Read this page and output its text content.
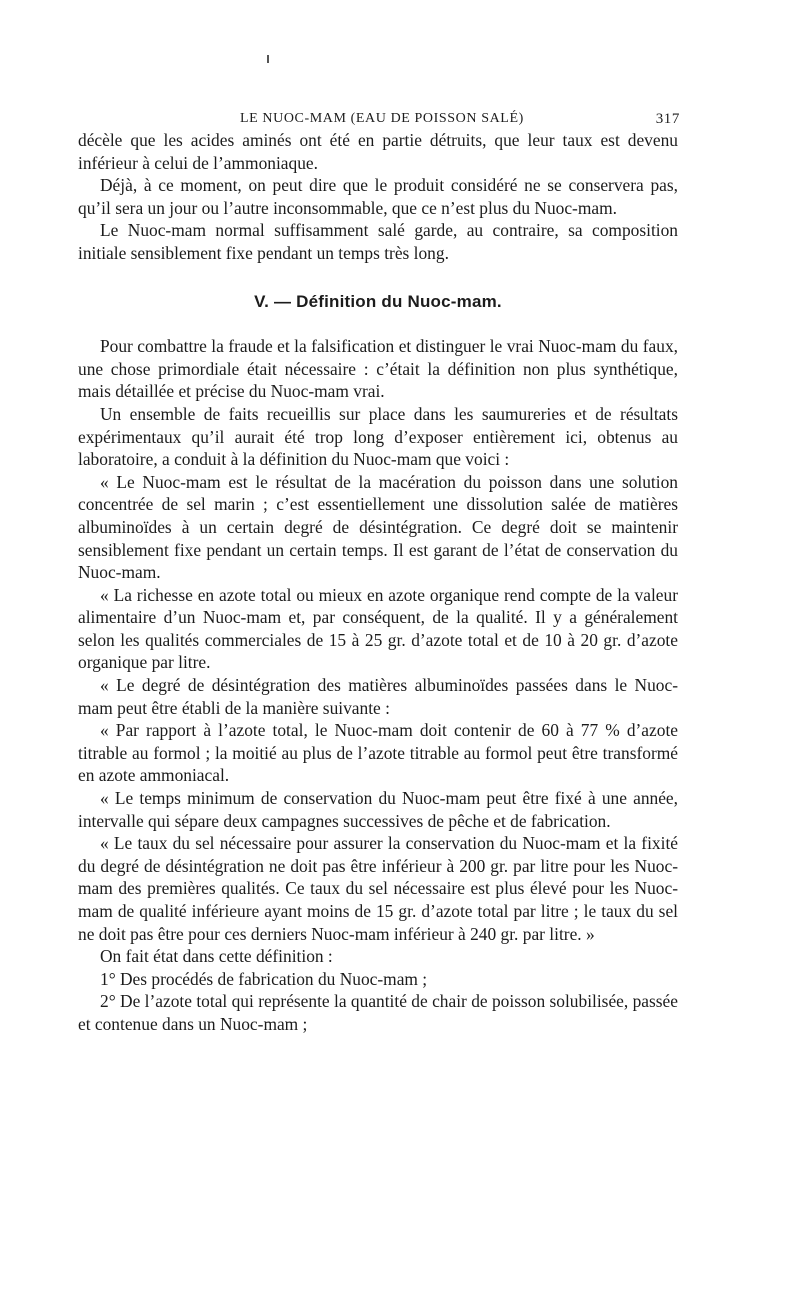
LE NUOC-MAM (EAU DE POISSON SALÉ)	317

décèle que les acides aminés ont été en partie détruits, que leur taux est devenu inférieur à celui de l’ammoniaque.

Déjà, à ce moment, on peut dire que le produit considéré ne se conservera pas, qu’il sera un jour ou l’autre inconsommable, que ce n’est plus du Nuoc-mam.

Le Nuoc-mam normal suffisamment salé garde, au contraire, sa composition initiale sensiblement fixe pendant un temps très long.

V. — Définition du Nuoc-mam.

Pour combattre la fraude et la falsification et distinguer le vrai Nuoc-mam du faux, une chose primordiale était nécessaire : c’était la définition non plus synthétique, mais détaillée et précise du Nuoc-mam vrai.

Un ensemble de faits recueillis sur place dans les saumureries et de résultats expérimentaux qu’il aurait été trop long d’exposer entièrement ici, obtenus au laboratoire, a conduit à la définition du Nuoc-mam que voici :

« Le Nuoc-mam est le résultat de la macération du poisson dans une solution concentrée de sel marin ; c’est essentiellement une dissolution salée de matières albuminoïdes à un certain degré de désintégration. Ce degré doit se maintenir sensiblement fixe pendant un certain temps. Il est garant de l’état de conservation du Nuoc-mam.

« La richesse en azote total ou mieux en azote organique rend compte de la valeur alimentaire d’un Nuoc-mam et, par conséquent, de la qualité. Il y a généralement selon les qualités commerciales de 15 à 25 gr. d’azote total et de 10 à 20 gr. d’azote organique par litre.

« Le degré de désintégration des matières albuminoïdes passées dans le Nuoc-mam peut être établi de la manière suivante :

« Par rapport à l’azote total, le Nuoc-mam doit contenir de 60 à 77 % d’azote titrable au formol ; la moitié au plus de l’azote titrable au formol peut être transformé en azote ammoniacal.

« Le temps minimum de conservation du Nuoc-mam peut être fixé à une année, intervalle qui sépare deux campagnes successives de pêche et de fabrication.

« Le taux du sel nécessaire pour assurer la conservation du Nuoc-mam et la fixité du degré de désintégration ne doit pas être inférieur à 200 gr. par litre pour les Nuoc-mam des premières qualités. Ce taux du sel nécessaire est plus élevé pour les Nuoc-mam de qualité inférieure ayant moins de 15 gr. d’azote total par litre ; le taux du sel ne doit pas être pour ces derniers Nuoc-mam inférieur à 240 gr. par litre. »

On fait état dans cette définition :

1° Des procédés de fabrication du Nuoc-mam ;

2° De l’azote total qui représente la quantité de chair de poisson solubilisée, passée et contenue dans un Nuoc-mam ;
